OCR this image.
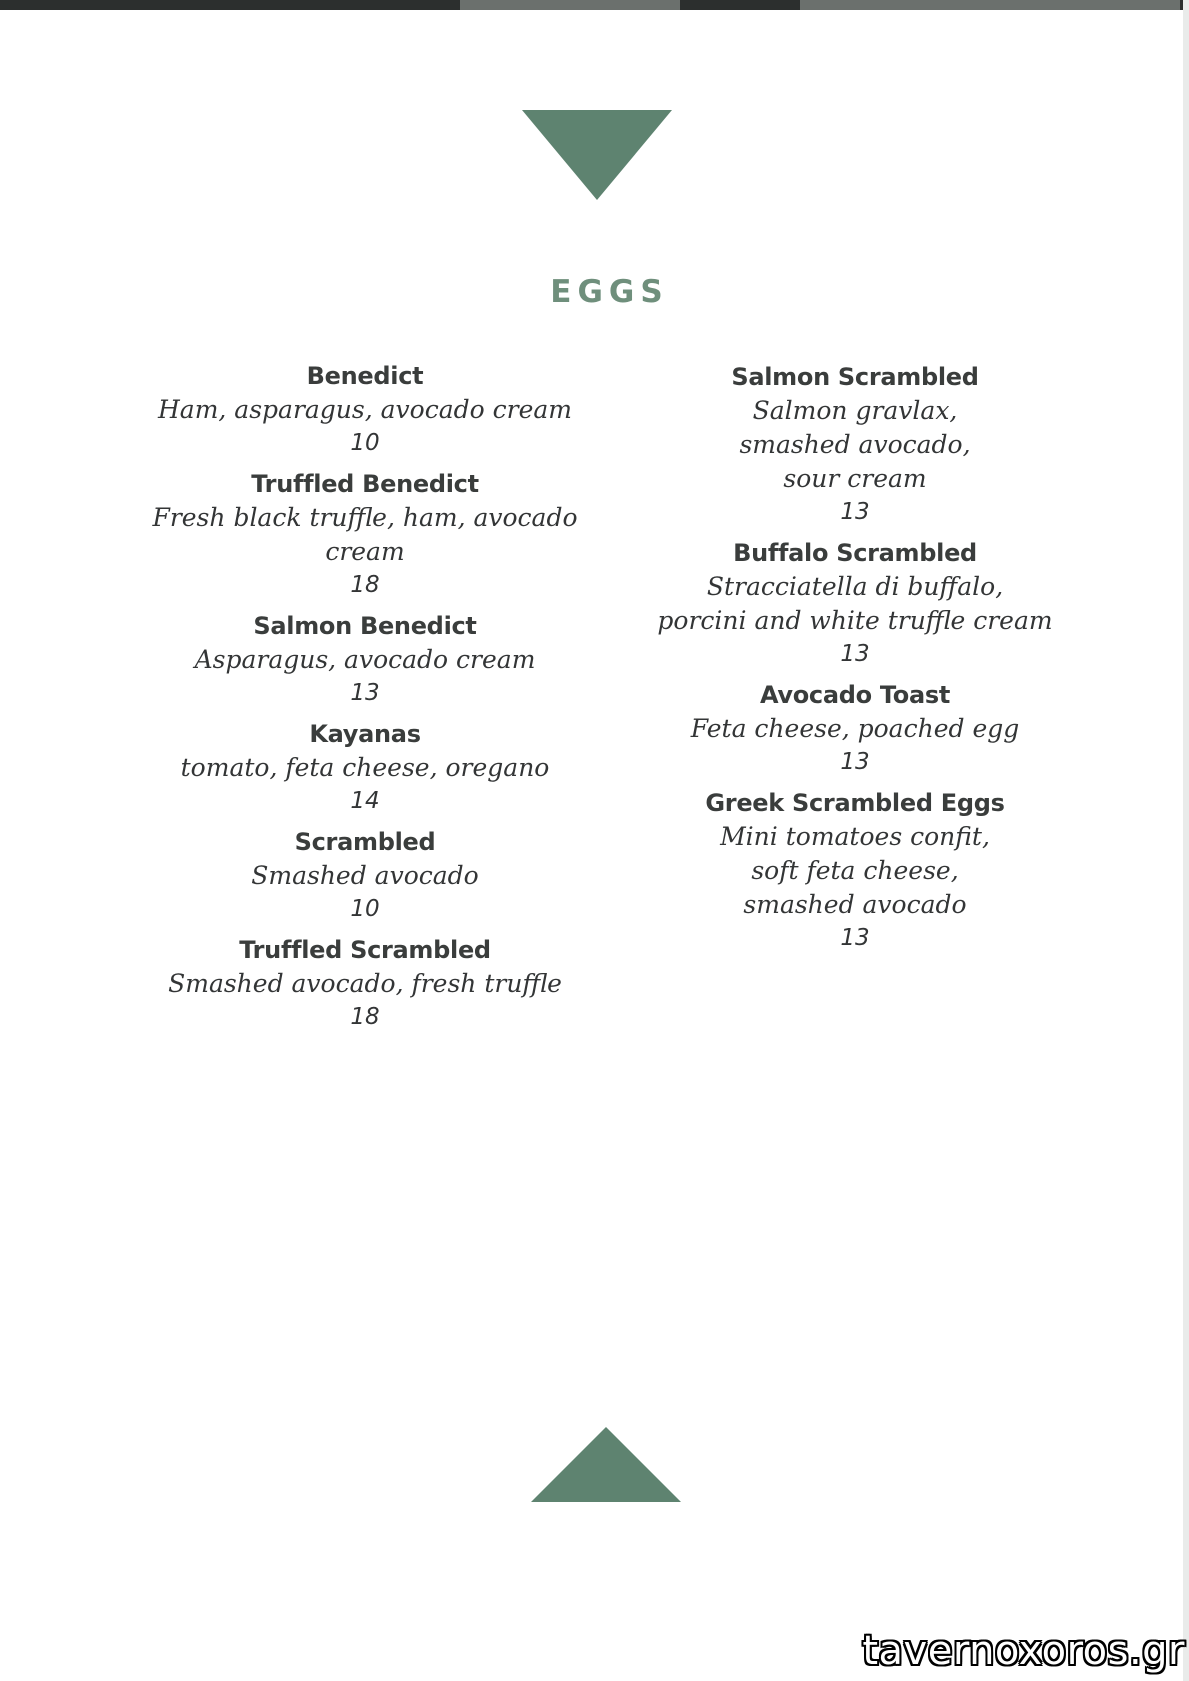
EGGS
Benedict
Ham, asparagus, avocado cream
10
Truffled Benedict
Fresh black truffle, ham, avocado
cream
18
Salmon Benedict
Asparagus, avocado cream
13
Kayanas
tomato, feta cheese, oregano
14
Scrambled
Smashed avocado
10
Truffled Scrambled
Smashed avocado, fresh truffle
18
Salmon Scrambled
Salmon gravlax,
smashed avocado,
sour cream
13
Buffalo Scrambled
Stracciatella di buffalo,
porcini and white truffle cream
13
Avocado Toast
Feta cheese, poached egg
13
Greek Scrambled Eggs
Mini tomatoes confit,
soft feta cheese,
smashed avocado
13
tavernoxoros.gr
